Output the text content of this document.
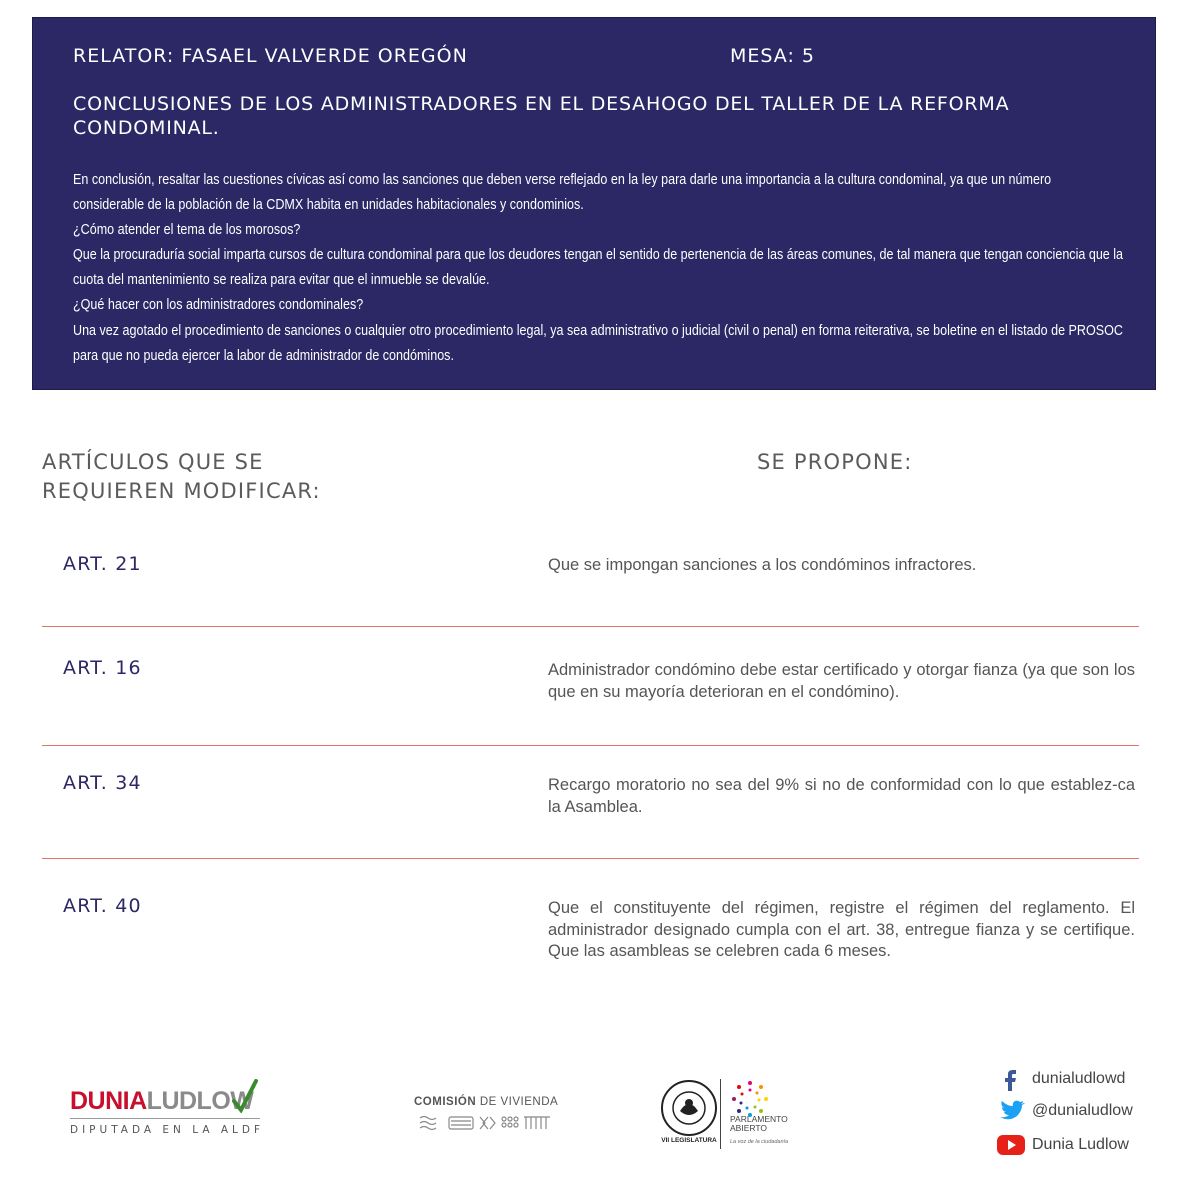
RELATOR: FASAEL VALVERDE OREGÓN	MESA: 5
CONCLUSIONES DE LOS ADMINISTRADORES EN EL DESAHOGO DEL TALLER DE LA REFORMA CONDOMINAL.

En conclusión, resaltar las cuestiones cívicas así como las sanciones que deben verse reflejado en la ley para darle una importancia a la cultura condominal, ya que un número considerable de la población de la CDMX habita en unidades habitacionales y condominios.

¿Cómo atender el tema de los morosos?

Que la procuraduría social imparta cursos de cultura condominal para que los deudores tengan el sentido de pertenencia de las áreas comunes, de tal manera que tengan conciencia que la cuota del mantenimiento se realiza para evitar que el inmueble se devalúe.

¿Qué hacer con los administradores condominales?

Una vez agotado el procedimiento de sanciones o cualquier otro procedimiento legal, ya sea administrativo o judicial (civil o penal) en forma reiterativa, se boletine en el listado de PROSOC para que no pueda ejercer la labor de administrador de condóminos.

ARTÍCULOS QUE SE REQUIEREN MODIFICAR:
SE PROPONE:
ART. 21	Que se impongan sanciones a los condóminos infractores.
ART. 16	Administrador condómino debe estar certificado y otorgar fianza (ya que son los que en su mayoría deterioran en el condómino).
ART. 34	Recargo moratorio no sea del 9% si no de conformidad con lo que establez-ca la Asamblea.
ART. 40	Que el constituyente del régimen, registre el régimen del reglamento. El administrador designado cumpla con el art. 38, entregue fianza y se certifique. Que las asambleas se celebren cada 6 meses.
DUNIALUDLOW
DIPUTADA EN LA ALDF
COMISIÓN DE VIVIENDA
VII LEGISLATURA
PARLAMENTO
ABIERTO
La voz de la ciudadanía
dunialudlowd
@dunialudlow
Dunia Ludlow
